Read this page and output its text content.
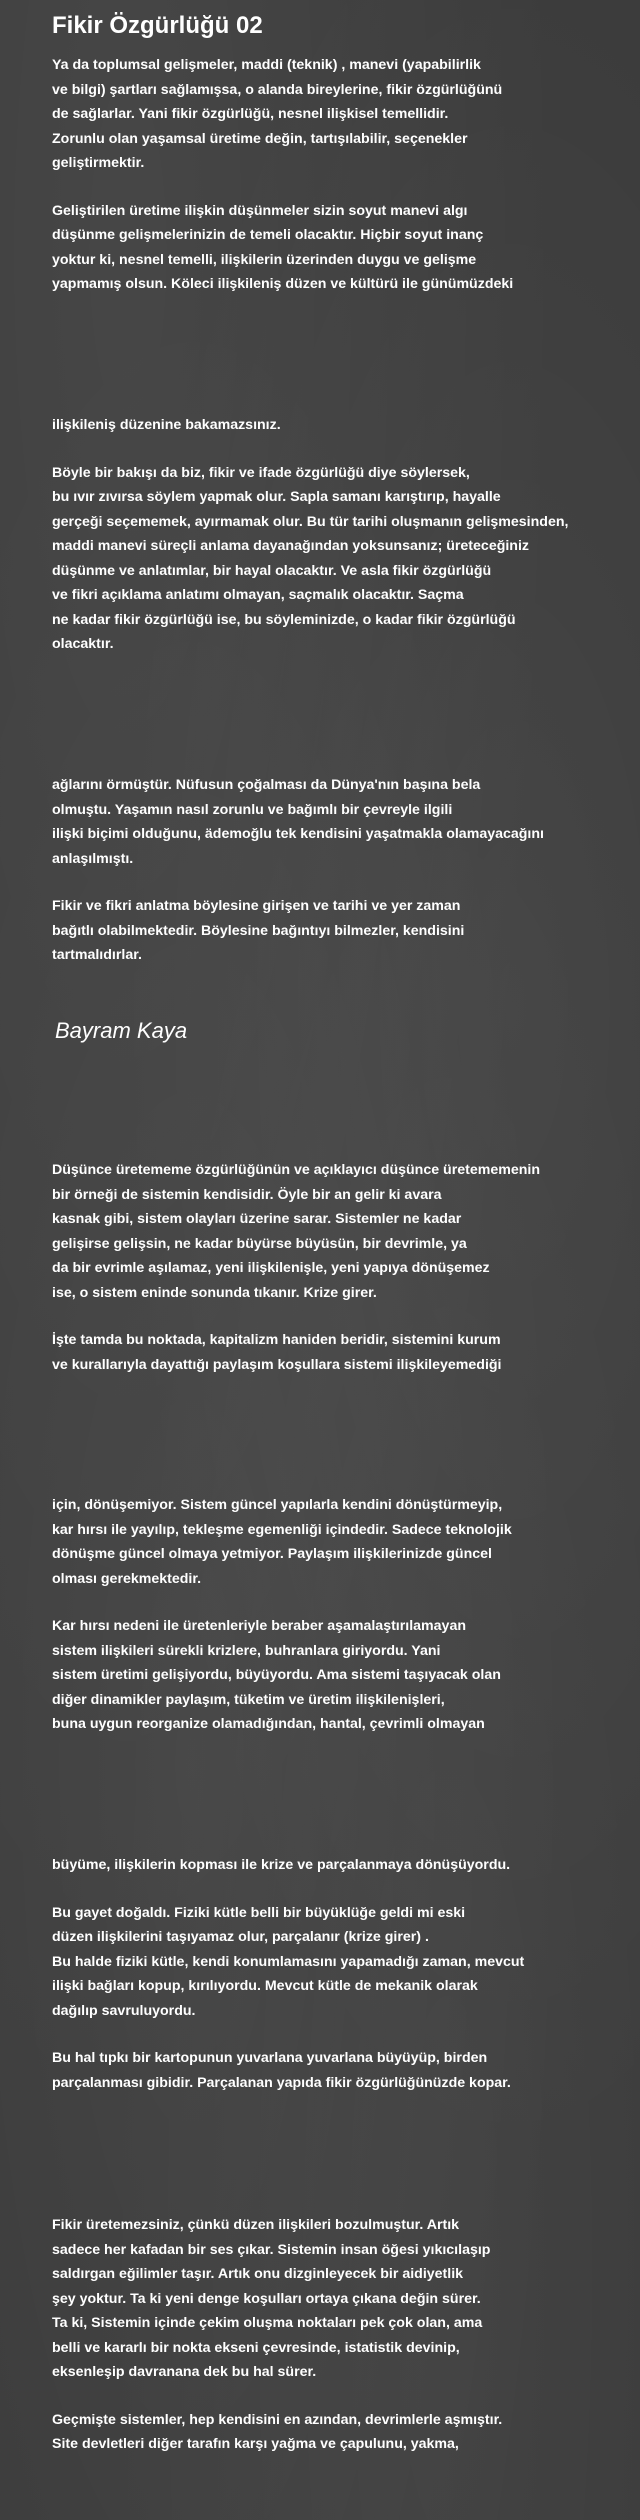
Fikir Özgürlüğü 02

Ya da toplumsal gelişmeler, maddi (teknik) , manevi (yapabilirlik
ve bilgi) şartları sağlamışsa, o alanda bireylerine, fikir özgürlüğünü
de sağlarlar. Yani fikir özgürlüğü, nesnel ilişkisel temellidir.
Zorunlu olan yaşamsal üretime değin, tartışılabilir, seçenekler
geliştirmektir.

Geliştirilen üretime ilişkin düşünmeler sizin soyut manevi algı
düşünme gelişmelerinizin de temeli olacaktır. Hiçbir soyut inanç
yoktur ki, nesnel temelli, ilişkilerin üzerinden duygu ve gelişme
yapmamış olsun. Köleci ilişkileniş düzen ve kültürü ile günümüzdeki

ilişkileniş düzenine bakamazsınız.

Böyle bir bakışı da biz, fikir ve ifade özgürlüğü diye söylersek,
bu ıvır zıvırsa söylem yapmak olur. Sapla samanı karıştırıp, hayalle
gerçeği seçememek, ayırmamak olur. Bu tür tarihi oluşmanın gelişmesinden,
maddi manevi süreçli anlama dayanağından yoksunsanız; üreteceğiniz
düşünme ve anlatımlar, bir hayal olacaktır. Ve asla fikir özgürlüğü
ve fikri açıklama anlatımı olmayan, saçmalık olacaktır. Saçma
ne kadar fikir özgürlüğü ise, bu söyleminizde, o kadar fikir özgürlüğü
olacaktır.

ağlarını örmüştür. Nüfusun çoğalması da Dünya'nın başına bela
olmuştu. Yaşamın nasıl zorunlu ve bağımlı bir çevreyle ilgili
ilişki biçimi olduğunu, ädemoğlu tek kendisini yaşatmakla olamayacağını
anlaşılmıştı.

Fikir ve fikri anlatma böylesine girişen ve tarihi ve yer zaman
bağıtlı olabilmektedir. Böylesine bağıntıyı bilmezler, kendisini
tartmalıdırlar.

Bayram Kaya

Düşünce üretememe özgürlüğünün ve açıklayıcı düşünce üretememenin
bir örneği de sistemin kendisidir. Öyle bir an gelir ki avara
kasnak gibi, sistem olayları üzerine sarar. Sistemler ne kadar
gelişirse gelişsin, ne kadar büyürse büyüsün, bir devrimle, ya
da bir evrimle aşılamaz, yeni ilişkilenişle, yeni yapıya dönüşemez
ise, o sistem eninde sonunda tıkanır. Krize girer.

İşte tamda bu noktada, kapitalizm haniden beridir, sistemini kurum
ve kurallarıyla dayattığı paylaşım koşullara sistemi ilişkileyemediği

için, dönüşemiyor. Sistem güncel yapılarla kendini dönüştürmeyip,
kar hırsı ile yayılıp, tekleşme egemenliği içindedir. Sadece teknolojik
dönüşme güncel olmaya yetmiyor. Paylaşım ilişkilerinizde güncel
olması gerekmektedir.

Kar hırsı nedeni ile üretenleriyle beraber aşamalaştırılamayan
sistem ilişkileri sürekli krizlere, buhranlara giriyordu. Yani
sistem üretimi gelişiyordu, büyüyordu. Ama sistemi taşıyacak olan
diğer dinamikler paylaşım, tüketim ve üretim ilişkilenişleri,
buna uygun reorganize olamadığından, hantal, çevrimli olmayan

büyüme, ilişkilerin kopması ile krize ve parçalanmaya dönüşüyordu.

Bu gayet doğaldı. Fiziki kütle belli bir büyüklüğe geldi mi eski
düzen ilişkilerini taşıyamaz olur, parçalanır (krize girer) .
Bu halde fiziki kütle, kendi konumlamasını yapamadığı zaman, mevcut
ilişki bağları kopup, kırılıyordu. Mevcut kütle de mekanik olarak
dağılıp savruluyordu.

Bu hal tıpkı bir kartopunun yuvarlana yuvarlana büyüyüp, birden
parçalanması gibidir. Parçalanan yapıda fikir özgürlüğünüzde kopar.

Fikir üretemezsiniz, çünkü düzen ilişkileri bozulmuştur. Artık
sadece her kafadan bir ses çıkar. Sistemin insan öğesi yıkıcılaşıp
saldırgan eğilimler taşır. Artık onu dizginleyecek bir aidiyetlik
şey yoktur. Ta ki yeni denge koşulları ortaya çıkana değin sürer.
Ta ki, Sistemin içinde çekim oluşma noktaları pek çok olan, ama
belli ve kararlı bir nokta ekseni çevresinde, istatistik devinip,
eksenleşip davranana dek bu hal sürer.

Geçmişte sistemler, hep kendisini en azından, devrimlerle aşmıştır.
Site devletleri diğer tarafın karşı yağma ve çapulunu, yakma,
